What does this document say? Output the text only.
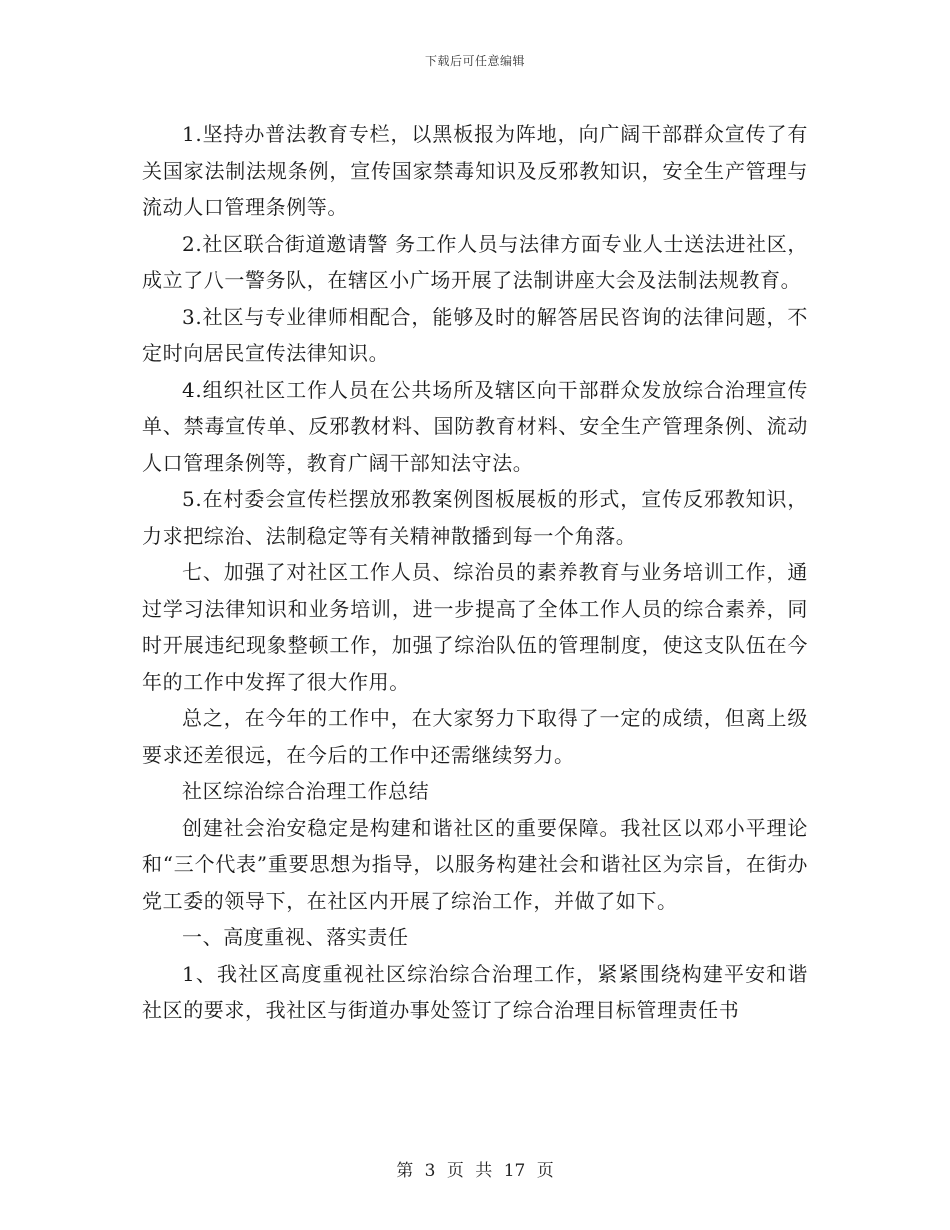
下载后可任意编辑

1.坚持办普法教育专栏，以黑板报为阵地，向广阔干部群众宣传了有关国家法制法规条例，宣传国家禁毒知识及反邪教知识，安全生产管理与流动人口管理条例等。

2.社区联合街道邀请警 务工作人员与法律方面专业人士送法进社区，成立了八一警务队，在辖区小广场开展了法制讲座大会及法制法规教育。

3.社区与专业律师相配合，能够及时的解答居民咨询的法律问题，不定时向居民宣传法律知识。

4.组织社区工作人员在公共场所及辖区向干部群众发放综合治理宣传单、禁毒宣传单、反邪教材料、国防教育材料、安全生产管理条例、流动人口管理条例等，教育广阔干部知法守法。

5.在村委会宣传栏摆放邪教案例图板展板的形式，宣传反邪教知识，力求把综治、法制稳定等有关精神散播到每一个角落。

七、加强了对社区工作人员、综治员的素养教育与业务培训工作，通过学习法律知识和业务培训，进一步提高了全体工作人员的综合素养，同时开展违纪现象整顿工作，加强了综治队伍的管理制度，使这支队伍在今年的工作中发挥了很大作用。

总之，在今年的工作中，在大家努力下取得了一定的成绩，但离上级要求还差很远，在今后的工作中还需继续努力。

社区综治综合治理工作总结

创建社会治安稳定是构建和谐社区的重要保障。我社区以邓小平理论和“三个代表”重要思想为指导，以服务构建社会和谐社区为宗旨，在街办党工委的领导下，在社区内开展了综治工作，并做了如下。

一、高度重视、落实责任

1、我社区高度重视社区综治综合治理工作，紧紧围绕构建平安和谐社区的要求，我社区与街道办事处签订了综合治理目标管理责任书

第 3 页 共 17 页
